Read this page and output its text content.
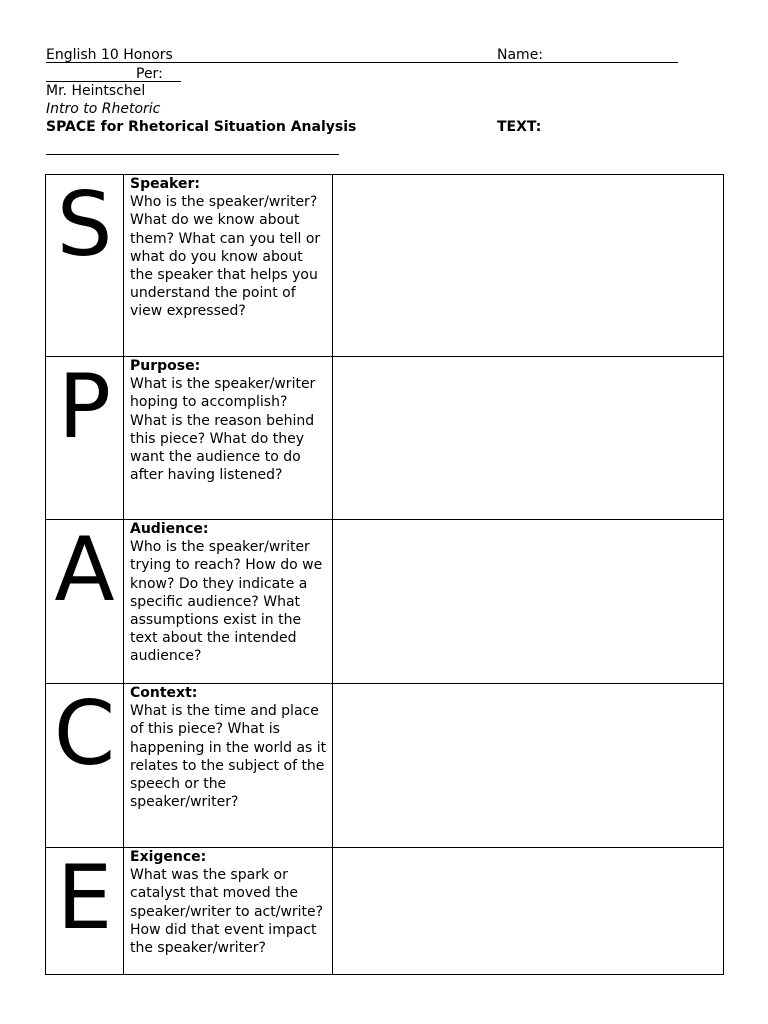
English 10 Honors	Name:
Per:
Mr. Heintschel
Intro to Rhetoric
SPACE for Rhetorical Situation Analysis	TEXT:
S	Speaker:
Who is the speaker/writer? What do we know about them? What can you tell or what do you know about the speaker that helps you understand the point of view expressed?	

P	Purpose:
What is the speaker/writer hoping to accomplish? What is the reason behind this piece? What do they want the audience to do after having listened?	

A	Audience:
Who is the speaker/writer trying to reach? How do we know? Do they indicate a specific audience? What assumptions exist in the text about the intended audience?	

C	Context:
What is the time and place of this piece? What is happening in the world as it relates to the subject of the speech or the speaker/writer?	

E	Exigence:
What was the spark or catalyst that moved the speaker/writer to act/write? How did that event impact the speaker/writer?	
